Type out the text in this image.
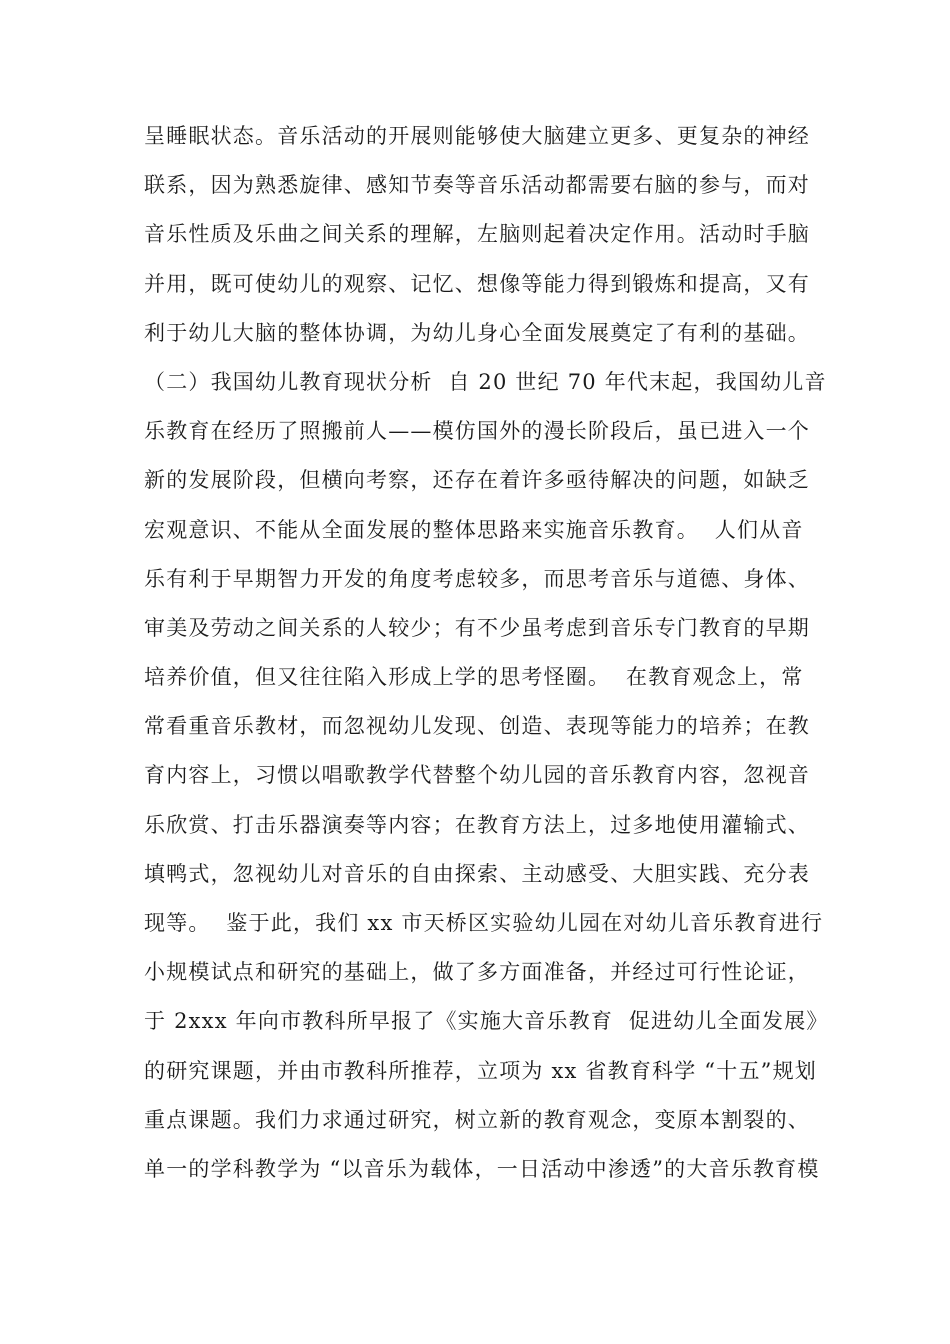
呈睡眠状态。音乐活动的开展则能够使大脑建立更多、更复杂的神经
联系，因为熟悉旋律、感知节奏等音乐活动都需要右脑的参与，而对
音乐性质及乐曲之间关系的理解，左脑则起着决定作用。活动时手脑
并用，既可使幼儿的观察、记忆、想像等能力得到锻炼和提高，又有
利于幼儿大脑的整体协调，为幼儿身心全面发展奠定了有利的基础。
（二）我国幼儿教育现状分析  自 20 世纪 70 年代末起，我国幼儿音
乐教育在经历了照搬前人——模仿国外的漫长阶段后，虽已进入一个
新的发展阶段，但横向考察，还存在着许多亟待解决的问题，如缺乏
宏观意识、不能从全面发展的整体思路来实施音乐教育。  人们从音
乐有利于早期智力开发的角度考虑较多，而思考音乐与道德、身体、
审美及劳动之间关系的人较少；有不少虽考虑到音乐专门教育的早期
培养价值，但又往往陷入形成上学的思考怪圈。  在教育观念上，常
常看重音乐教材，而忽视幼儿发现、创造、表现等能力的培养；在教
育内容上，习惯以唱歌教学代替整个幼儿园的音乐教育内容，忽视音
乐欣赏、打击乐器演奏等内容；在教育方法上，过多地使用灌输式、
填鸭式，忽视幼儿对音乐的自由探索、主动感受、大胆实践、充分表
现等。  鉴于此，我们 xx 市天桥区实验幼儿园在对幼儿音乐教育进行
小规模试点和研究的基础上，做了多方面准备，并经过可行性论证，
于 2xxx 年向市教科所早报了《实施大音乐教育  促进幼儿全面发展》
的研究课题，并由市教科所推荐，立项为 xx 省教育科学 “十五”规划
重点课题。我们力求通过研究，树立新的教育观念，变原本割裂的、
单一的学科教学为 “以音乐为载体，一日活动中渗透”的大音乐教育模
